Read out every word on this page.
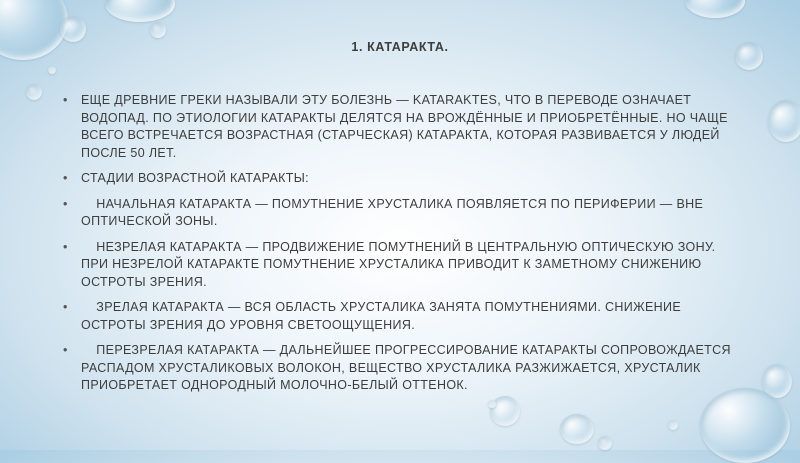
1. КАТАРАКТА.
• ЕЩЕ ДРЕВНИЕ ГРЕКИ НАЗЫВАЛИ ЭТУ БОЛЕЗНЬ — KATARAKTES, ЧТО В ПЕРЕВОДЕ ОЗНАЧАЕТ ВОДОПАД. ПО ЭТИОЛОГИИ КАТАРАКТЫ ДЕЛЯТСЯ НА ВРОЖДЁННЫЕ И ПРИОБРЕТЁННЫЕ. НО ЧАЩЕ ВСЕГО ВСТРЕЧАЕТСЯ ВОЗРАСТНАЯ (СТАРЧЕСКАЯ) КАТАРАКТА, КОТОРАЯ РАЗВИВАЕТСЯ У ЛЮДЕЙ ПОСЛЕ 50 ЛЕТ.
• СТАДИИ ВОЗРАСТНОЙ КАТАРАКТЫ:
• НАЧАЛЬНАЯ КАТАРАКТА — ПОМУТНЕНИЕ ХРУСТАЛИКА ПОЯВЛЯЕТСЯ ПО ПЕРИФЕРИИ — ВНЕ ОПТИЧЕСКОЙ ЗОНЫ.
• НЕЗРЕЛАЯ КАТАРАКТА — ПРОДВИЖЕНИЕ ПОМУТНЕНИЙ В ЦЕНТРАЛЬНУЮ ОПТИЧЕСКУЮ ЗОНУ. ПРИ НЕЗРЕЛОЙ КАТАРАКТЕ ПОМУТНЕНИЕ ХРУСТАЛИКА ПРИВОДИТ К ЗАМЕТНОМУ СНИЖЕНИЮ ОСТРОТЫ ЗРЕНИЯ.
• ЗРЕЛАЯ КАТАРАКТА — ВСЯ ОБЛАСТЬ ХРУСТАЛИКА ЗАНЯТА ПОМУТНЕНИЯМИ. СНИЖЕНИЕ ОСТРОТЫ ЗРЕНИЯ ДО УРОВНЯ СВЕТООЩУЩЕНИЯ.
• ПЕРЕЗРЕЛАЯ КАТАРАКТА — ДАЛЬНЕЙШЕЕ ПРОГРЕССИРОВАНИЕ КАТАРАКТЫ СОПРОВОЖДАЕТСЯ РАСПАДОМ ХРУСТАЛИКОВЫХ ВОЛОКОН, ВЕЩЕСТВО ХРУСТАЛИКА РАЗЖИЖАЕТСЯ, ХРУСТАЛИК ПРИОБРЕТАЕТ ОДНОРОДНЫЙ МОЛОЧНО-БЕЛЫЙ ОТТЕНОК.
